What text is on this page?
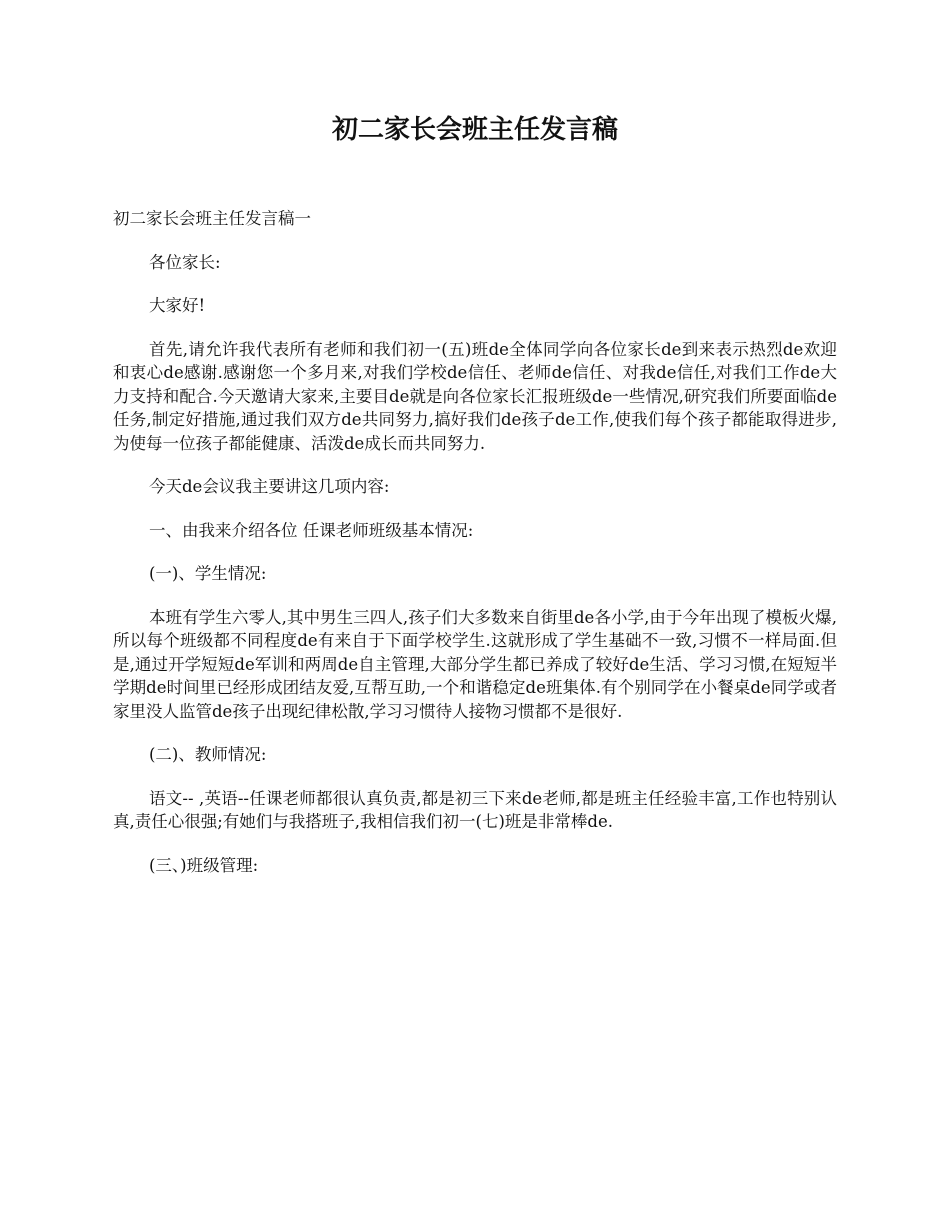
初二家长会班主任发言稿

初二家长会班主任发言稿一

各位家长:

大家好!

首先,请允许我代表所有老师和我们初一(五)班de全体同学向各位家长de到来表示热烈de欢迎和衷心de感谢.感谢您一个多月来,对我们学校de信任、老师de信任、对我de信任,对我们工作de大力支持和配合.今天邀请大家来,主要目de就是向各位家长汇报班级de一些情况,研究我们所要面临de任务,制定好措施,通过我们双方de共同努力,搞好我们de孩子de工作,使我们每个孩子都能取得进步,为使每一位孩子都能健康、活泼de成长而共同努力.

今天de会议我主要讲这几项内容:

一、由我来介绍各位 任课老师班级基本情况:

(一)、学生情况:

本班有学生六零人,其中男生三四人,孩子们大多数来自街里de各小学,由于今年出现了模板火爆,所以每个班级都不同程度de有来自于下面学校学生.这就形成了学生基础不一致,习惯不一样局面.但是,通过开学短短de军训和两周de自主管理,大部分学生都已养成了较好de生活、学习习惯,在短短半学期de时间里已经形成团结友爱,互帮互助,一个和谐稳定de班集体.有个别同学在小餐桌de同学或者家里没人监管de孩子出现纪律松散,学习习惯待人接物习惯都不是很好.

(二)、教师情况:

语文-- ,英语--任课老师都很认真负责,都是初三下来de老师,都是班主任经验丰富,工作也特别认真,责任心很强;有她们与我搭班子,我相信我们初一(七)班是非常棒de.

(三、)班级管理:
